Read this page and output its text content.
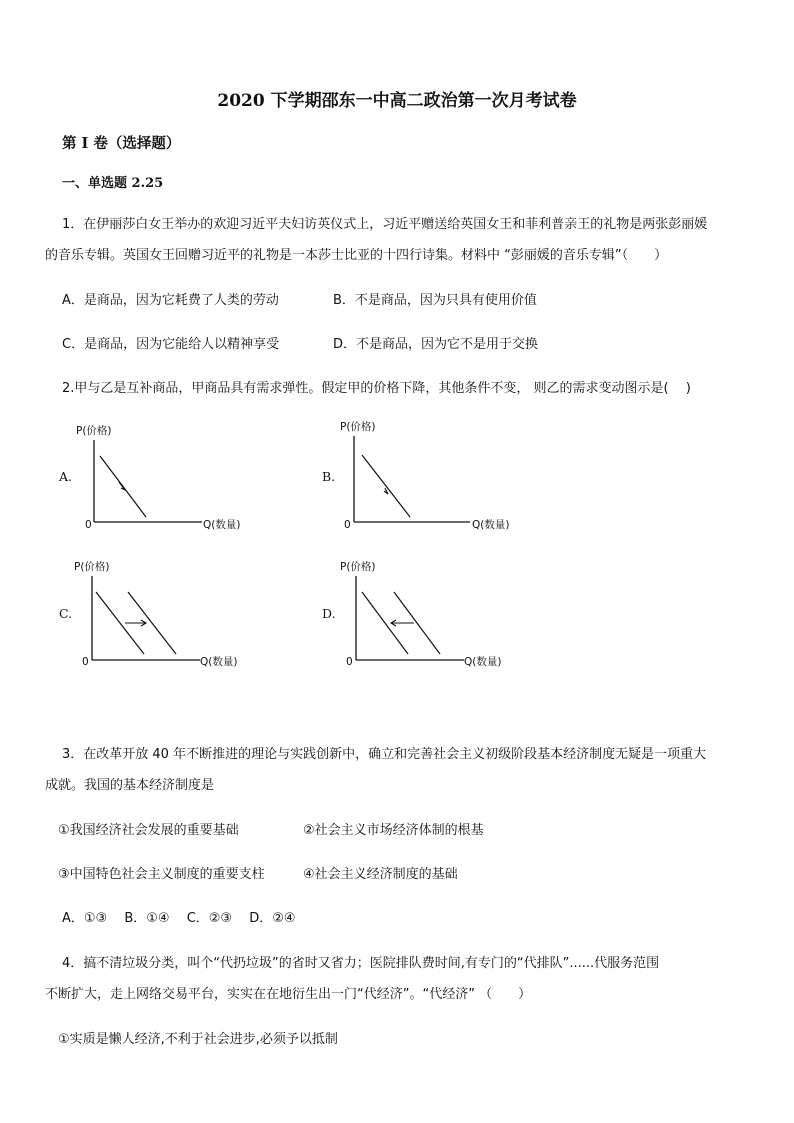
2020 下学期邵东一中高二政治第一次月考试卷
第 I 卷（选择题）
一、单选题 2.25
1．在伊丽莎白女王举办的欢迎习近平夫妇访英仪式上，习近平赠送给英国女王和菲利普亲王的礼物是两张彭丽媛
的音乐专辑。英国女王回赠习近平的礼物是一本莎士比亚的十四行诗集。材料中 “彭丽媛的音乐专辑”（　　）
A．是商品，因为它耗费了人类的劳动	B．不是商品，因为只具有使用价值
C．是商品，因为它能给人以精神享受	D．不是商品，因为它不是用于交换
2.甲与乙是互补商品，甲商品具有需求弹性。假定甲的价格下降，其他条件不变， 则乙的需求变动图示是(　 )
A.
P(价格)
0	Q(数量)
B.
P(价格)
0	Q(数量)
C.
P(价格)
0	Q(数量)
D.
P(价格)
0	Q(数量)
3．在改革开放 40 年不断推进的理论与实践创新中，确立和完善社会主义初级阶段基本经济制度无疑是一项重大
成就。我国的基本经济制度是
①我国经济社会发展的重要基础	②社会主义市场经济体制的根基
③中国特色社会主义制度的重要支柱	④社会主义经济制度的基础
A．①③　 B．①④　 C．②③　 D．②④
4．搞不清垃圾分类，叫个“代扔垃圾”的省时又省力；医院排队费时间,有专门的“代排队”......代服务范围
不断扩大，走上网络交易平台，实实在在地衍生出一门“代经济”。“代经济” （　　）
①实质是懒人经济,不利于社会进步,必须予以抵制
